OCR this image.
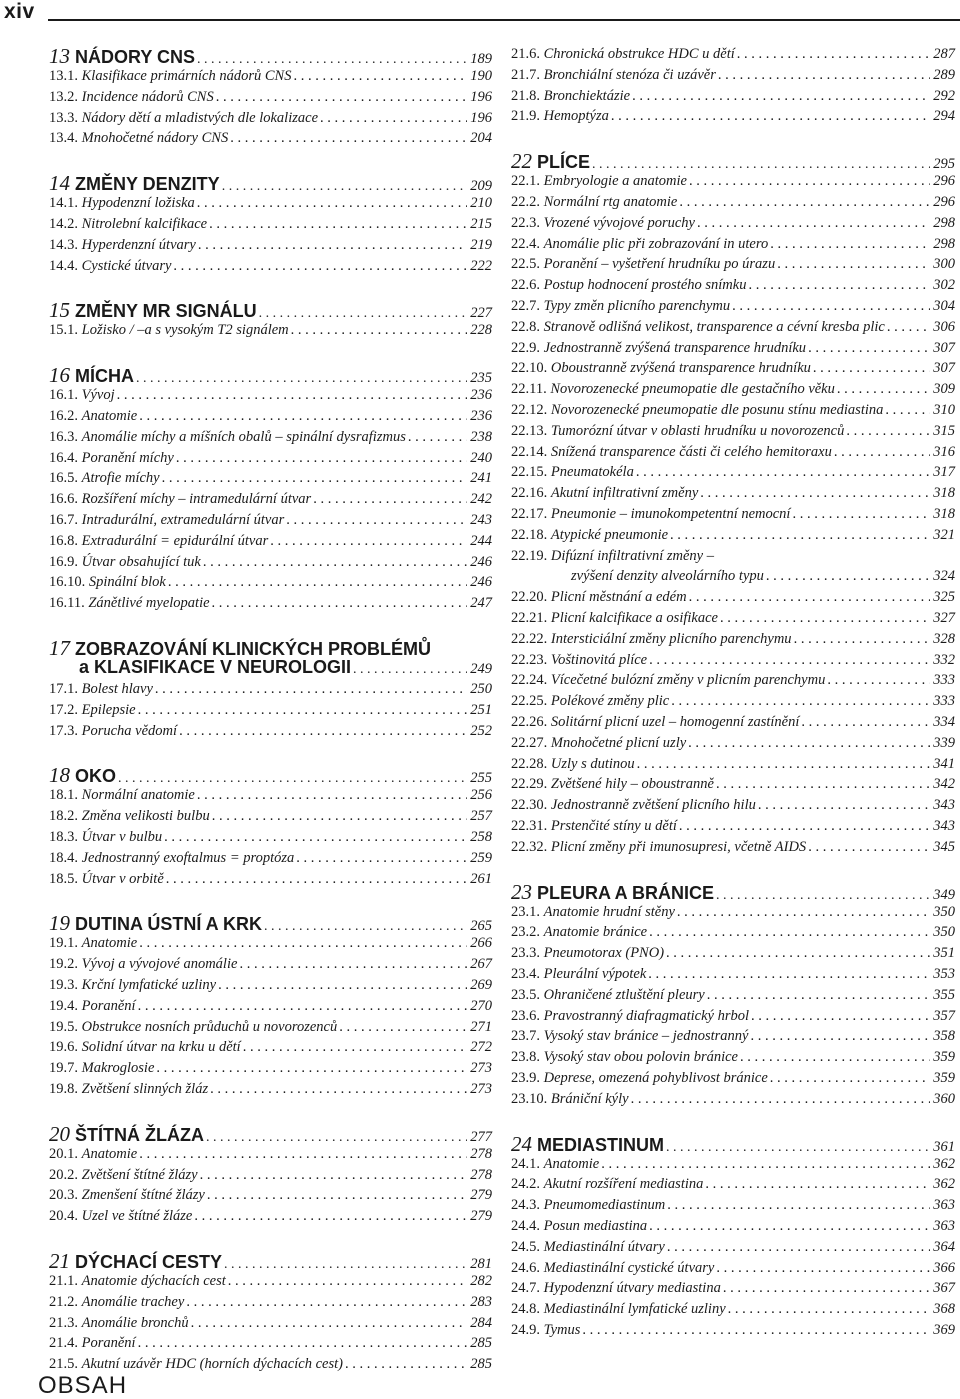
xiv
13 NÁDORY CNS . . .	189
13.1. Klasifikace primárních nádorů CNS . . .	190
13.2. Incidence nádorů CNS . . .	196
13.3. Nádory dětí a mladistvých dle lokalizace . . .	196
13.4. Mnohočetné nádory CNS . . .	204
14 ZMĚNY DENZITY . . .	209
14.1. Hypodenzní ložiska . . .	210
14.2. Nitrolební kalcifikace . . .	215
14.3. Hyperdenzní útvary . . .	219
14.4. Cystické útvary . . .	222
15 ZMĚNY MR SIGNÁLU . . .	227
15.1. Ložisko / –a s vysokým T2 signálem . . .	228
16 MÍCHA . . .	235
16.1. Vývoj . . .	236
16.2. Anatomie . . .	236
16.3. Anomálie míchy a míšních obalů – spinální dysrafizmus . . .	238
16.4. Poranění míchy . . .	240
16.5. Atrofie míchy . . .	241
16.6. Rozšíření míchy – intramedulární útvar . . .	242
16.7. Intradurální, extramedulární útvar . . .	243
16.8. Extradurální = epidurální útvar . . .	244
16.9. Útvar obsahující tuk . . .	246
16.10. Spinální blok . . .	246
16.11. Zánětlivé myelopatie . . .	247
17 ZOBRAZOVÁNÍ KLINICKÝCH PROBLÉMŮ
a KLASIFIKACE V NEUROLOGII . . .	249
17.1. Bolest hlavy . . .	250
17.2. Epilepsie . . .	251
17.3. Porucha vědomí . . .	252
18 OKO . . .	255
18.1. Normální anatomie . . .	256
18.2. Změna velikosti bulbu . . .	257
18.3. Útvar v bulbu . . .	258
18.4. Jednostranný exoftalmus = proptóza . . .	259
18.5. Útvar v orbitě . . .	261
19 DUTINA ÚSTNÍ A KRK . . .	265
19.1. Anatomie . . .	266
19.2. Vývoj a vývojové anomálie . . .	267
19.3. Krční lymfatické uzliny . . .	269
19.4. Poranění . . .	270
19.5. Obstrukce nosních průduchů u novorozenců . . .	271
19.6. Solidní útvar na krku u dětí . . .	272
19.7. Makroglosie . . .	273
19.8. Zvětšení slinných žláz . . .	273
20 ŠTÍTNÁ ŽLÁZA . . .	277
20.1. Anatomie . . .	278
20.2. Zvětšení štítné žlázy . . .	278
20.3. Zmenšení štítné žlázy . . .	279
20.4. Uzel ve štítné žláze . . .	279
21 DÝCHACÍ CESTY . . .	281
21.1. Anatomie dýchacích cest . . .	282
21.2. Anomálie trachey . . .	283
21.3. Anomálie bronchů . . .	284
21.4. Poranění . . .	285
21.5. Akutní uzávěr HDC (horních dýchacích cest) . . .	285
21.6. Chronická obstrukce HDC u dětí . . .	287
21.7. Bronchiální stenóza či uzávěr . . .	289
21.8. Bronchiektázie . . .	292
21.9. Hemoptýza . . .	294
22 PLÍCE . . .	295
22.1. Embryologie a anatomie . . .	296
22.2. Normální rtg anatomie . . .	296
22.3. Vrozené vývojové poruchy . . .	298
22.4. Anomálie plic při zobrazování in utero . . .	298
22.5. Poranění – vyšetření hrudníku po úrazu . . .	300
22.6. Postup hodnocení prostého snímku . . .	302
22.7. Typy změn plicního parenchymu . . .	304
22.8. Stranově odlišná velikost, transparence a cévní kresba plic . . .	306
22.9. Jednostranně zvýšená transparence hrudníku . . .	307
22.10. Oboustranně zvýšená transparence hrudníku . . .	307
22.11. Novorozenecké pneumopatie dle gestačního věku . . .	309
22.12. Novorozenecké pneumopatie dle posunu stínu mediastina . . .	310
22.13. Tumorózní útvar v oblasti hrudníku u novorozenců . . .	315
22.14. Snížená transparence části či celého hemitoraxu . . .	316
22.15. Pneumatokéla . . .	317
22.16. Akutní infiltrativní změny . . .	318
22.17. Pneumonie – imunokompetentní nemocní . . .	318
22.18. Atypické pneumonie . . .	321
22.19. Difúzní infiltrativní změny –
zvýšení denzity alveolárního typu . . .	324
22.20. Plicní městnání a edém . . .	325
22.21. Plicní kalcifikace a osifikace . . .	327
22.22. Intersticiální změny plicního parenchymu . . .	328
22.23. Voštinovitá plíce . . .	332
22.24. Vícečetné bulózní změny v plicním parenchymu . . .	333
22.25. Polékové změny plic . . .	333
22.26. Solitární plicní uzel – homogenní zastínění . . .	334
22.27. Mnohočetné plicní uzly . . .	339
22.28. Uzly s dutinou . . .	341
22.29. Zvětšené hily – oboustranně . . .	342
22.30. Jednostranně zvětšení plicního hilu . . .	343
22.31. Prstenčité stíny u dětí . . .	343
22.32. Plicní změny při imunosupresi, včetně AIDS . . .	345
23 PLEURA A BRÁNICE . . .	349
23.1. Anatomie hrudní stěny . . .	350
23.2. Anatomie bránice . . .	350
23.3. Pneumotorax (PNO) . . .	351
23.4. Pleurální výpotek . . .	353
23.5. Ohraničené ztluštění pleury . . .	355
23.6. Pravostranný diafragmatický hrbol . . .	357
23.7. Vysoký stav bránice – jednostranný . . .	358
23.8. Vysoký stav obou polovin bránice . . .	359
23.9. Deprese, omezená pohyblivost bránice . . .	359
23.10. Brániční kýly . . .	360
24 MEDIASTINUM . . .	361
24.1. Anatomie . . .	362
24.2. Akutní rozšíření mediastina . . .	362
24.3. Pneumomediastinum . . .	363
24.4. Posun mediastina . . .	363
24.5. Mediastinální útvary . . .	364
24.6. Mediastinální cystické útvary . . .	366
24.7. Hypodenzní útvary mediastina . . .	367
24.8. Mediastinální lymfatické uzliny . . .	368
24.9. Tymus . . .	369
OBSAH
